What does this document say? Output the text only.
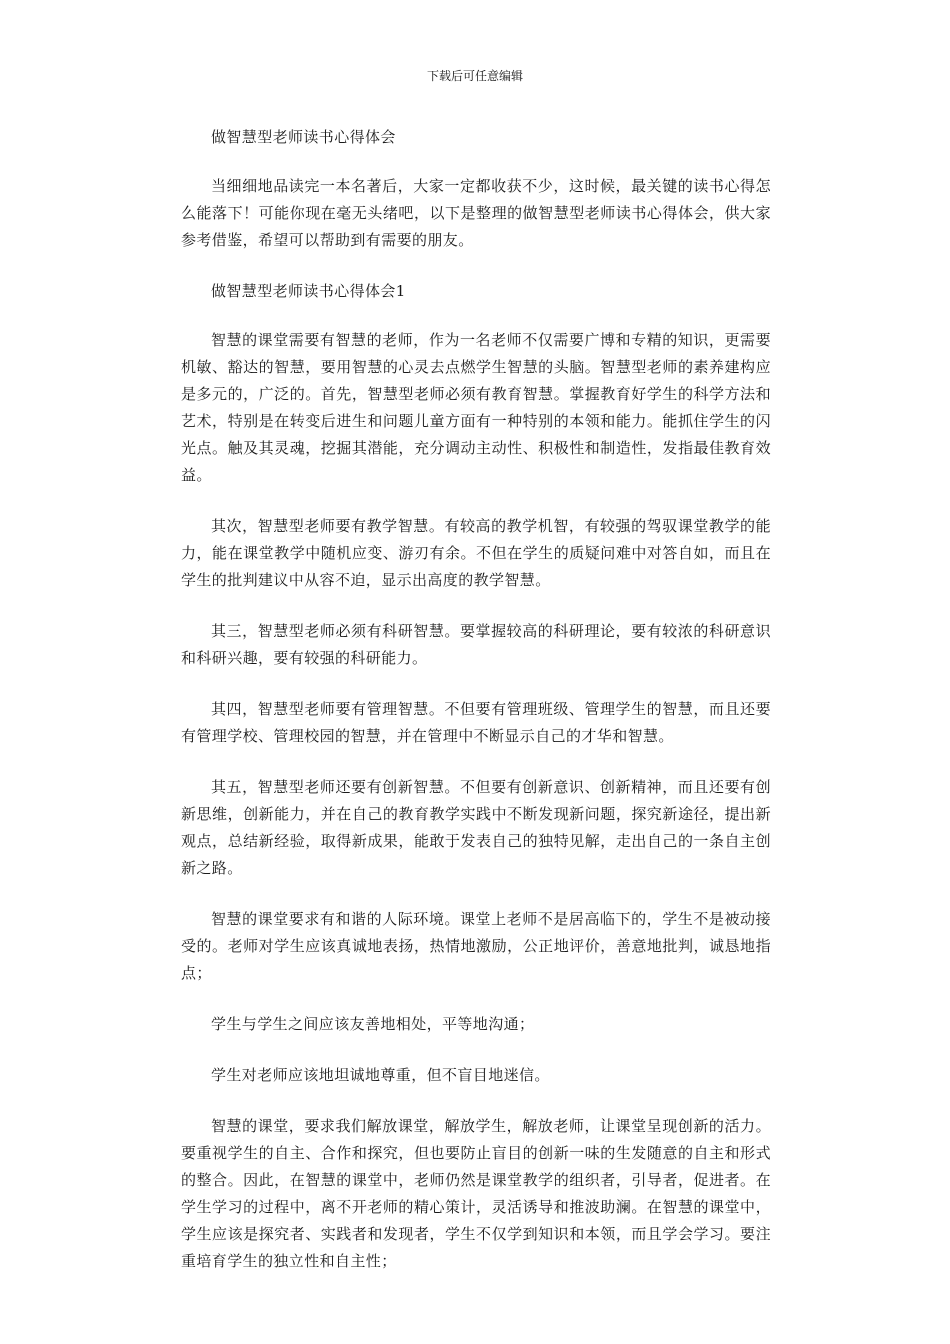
下载后可任意编辑

做智慧型老师读书心得体会

当细细地品读完一本名著后，大家一定都收获不少，这时候，最关键的读书心得怎么能落下！可能你现在毫无头绪吧，以下是整理的做智慧型老师读书心得体会，供大家参考借鉴，希望可以帮助到有需要的朋友。

做智慧型老师读书心得体会1

智慧的课堂需要有智慧的老师，作为一名老师不仅需要广博和专精的知识，更需要机敏、豁达的智慧，要用智慧的心灵去点燃学生智慧的头脑。智慧型老师的素养建构应是多元的，广泛的。首先，智慧型老师必须有教育智慧。掌握教育好学生的科学方法和艺术，特别是在转变后进生和问题儿童方面有一种特别的本领和能力。能抓住学生的闪光点。触及其灵魂，挖掘其潜能，充分调动主动性、积极性和制造性，发指最佳教育效益。

其次，智慧型老师要有教学智慧。有较高的教学机智，有较强的驾驭课堂教学的能力，能在课堂教学中随机应变、游刃有余。不但在学生的质疑问难中对答自如，而且在学生的批判建议中从容不迫，显示出高度的教学智慧。

其三，智慧型老师必须有科研智慧。要掌握较高的科研理论，要有较浓的科研意识和科研兴趣，要有较强的科研能力。

其四，智慧型老师要有管理智慧。不但要有管理班级、管理学生的智慧，而且还要有管理学校、管理校园的智慧，并在管理中不断显示自己的才华和智慧。

其五，智慧型老师还要有创新智慧。不但要有创新意识、创新精神，而且还要有创新思维，创新能力，并在自己的教育教学实践中不断发现新问题，探究新途径，提出新观点，总结新经验，取得新成果，能敢于发表自己的独特见解，走出自己的一条自主创新之路。

智慧的课堂要求有和谐的人际环境。课堂上老师不是居高临下的，学生不是被动接受的。老师对学生应该真诚地表扬，热情地激励，公正地评价，善意地批判，诚恳地指点；

学生与学生之间应该友善地相处，平等地沟通；

学生对老师应该地坦诚地尊重，但不盲目地迷信。

智慧的课堂，要求我们解放课堂，解放学生，解放老师，让课堂呈现创新的活力。要重视学生的自主、合作和探究，但也要防止盲目的创新一味的生发随意的自主和形式的整合。因此，在智慧的课堂中，老师仍然是课堂教学的组织者，引导者，促进者。在学生学习的过程中，离不开老师的精心策计，灵活诱导和推波助澜。在智慧的课堂中，学生应该是探究者、实践者和发现者，学生不仅学到知识和本领，而且学会学习。要注重培育学生的独立性和自主性；
